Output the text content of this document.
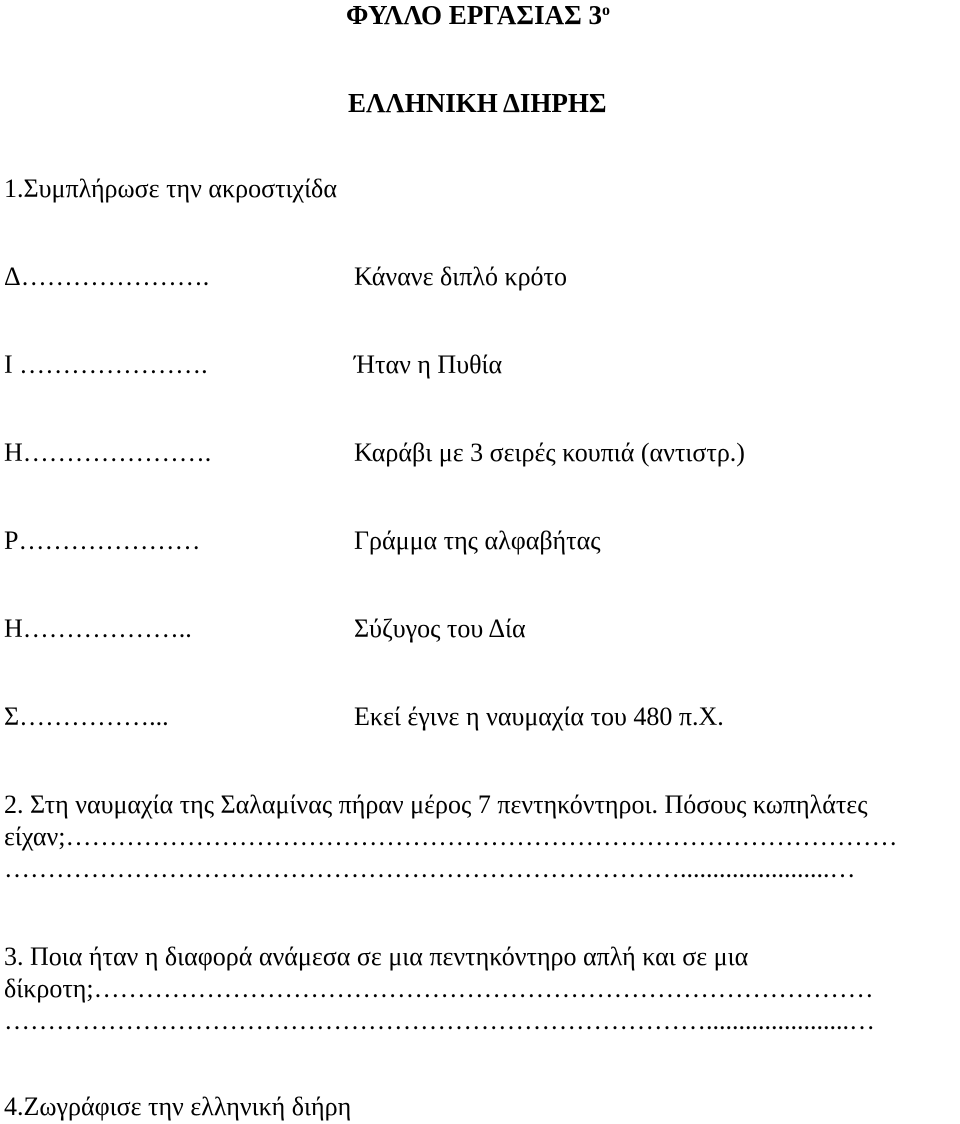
ΦΥΛΛΟ ΕΡΓΑΣΙΑΣ $3^o$
ΕΛΛΗΝΙΚΗ ΔΙΗΡΗΣ
1.Συμπλήρωσε την ακροστιχίδα
Δ………………….	Κάνανε διπλό κρότο
Ι ………………….	Ήταν η Πυθία
Η………………….	Καράβι με 3 σειρές κουπιά (αντιστρ.)
Ρ…………………	Γράμμα της αλφαβήτας
Η………………..	Σύζυγος του Δία
Σ……………...	Εκεί έγινε η ναυμαχία του 480 π.Χ.
2. Στη ναυμαχία της Σαλαμίνας πήραν μέρος 7 πεντηκόντηροι. Πόσους κωπηλάτες
είχαν;……………………………………………………………………………………
…………………………………………………………………….......................…
3. Ποια ήταν η διαφορά ανάμεσα σε μια πεντηκόντηρο απλή και σε μια
δίκροτη;………………………………………………………………………………
………………………………………………………………………......................…
4.Ζωγράφισε την ελληνική διήρη
